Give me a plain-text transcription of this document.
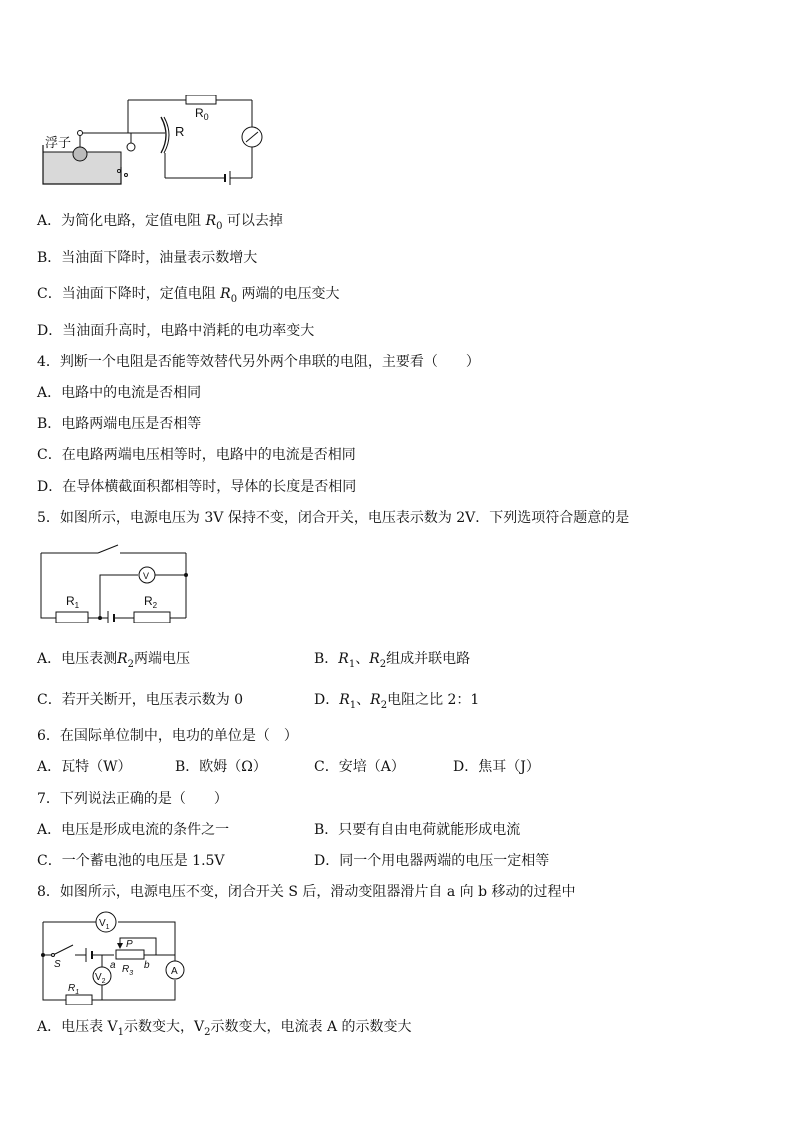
浮子
$R_0$
R
A．为简化电路，定值电阻 $R_0$ 可以去掉
B．当油面下降时，油量表示数增大
C．当油面下降时，定值电阻 $R_0$ 两端的电压变大
D．当油面升高时，电路中消耗的电功率变大
4．判断一个电阻是否能等效替代另外两个串联的电阻，主要看（　　）
A．电路中的电流是否相同
B．电路两端电压是否相等
C．在电路两端电压相等时，电路中的电流是否相同
D．在导体横截面积都相等时，导体的长度是否相同
5．如图所示，电源电压为 3V 保持不变，闭合开关，电压表示数为 2V．下列选项符合题意的是
V
$R_1$	$R_2$
A．电压表测$R_2$两端电压	B．$R_1$、$R_2$组成并联电路
C．若开关断开，电压表示数为 0	D．$R_1$、$R_2$电阻之比 2：1
6．在国际单位制中，电功的单位是（　）
A．瓦特（W）	B．欧姆（Ω）	C．安培（A）	D．焦耳（J）
7．下列说法正确的是（　　）
A．电压是形成电流的条件之一	B．只要有自由电荷就能形成电流
C．一个蓄电池的电压是 1.5V	D．同一个用电器两端的电压一定相等
8．如图所示，电源电压不变，闭合开关 S 后，滑动变阻器滑片自 a 向 b 移动的过程中
A
$V_1$
$V_2$
S
P
a	b
$R_3$
$R_1$
A．电压表 $V_1$示数变大，$V_2$示数变大，电流表 A 的示数变大
